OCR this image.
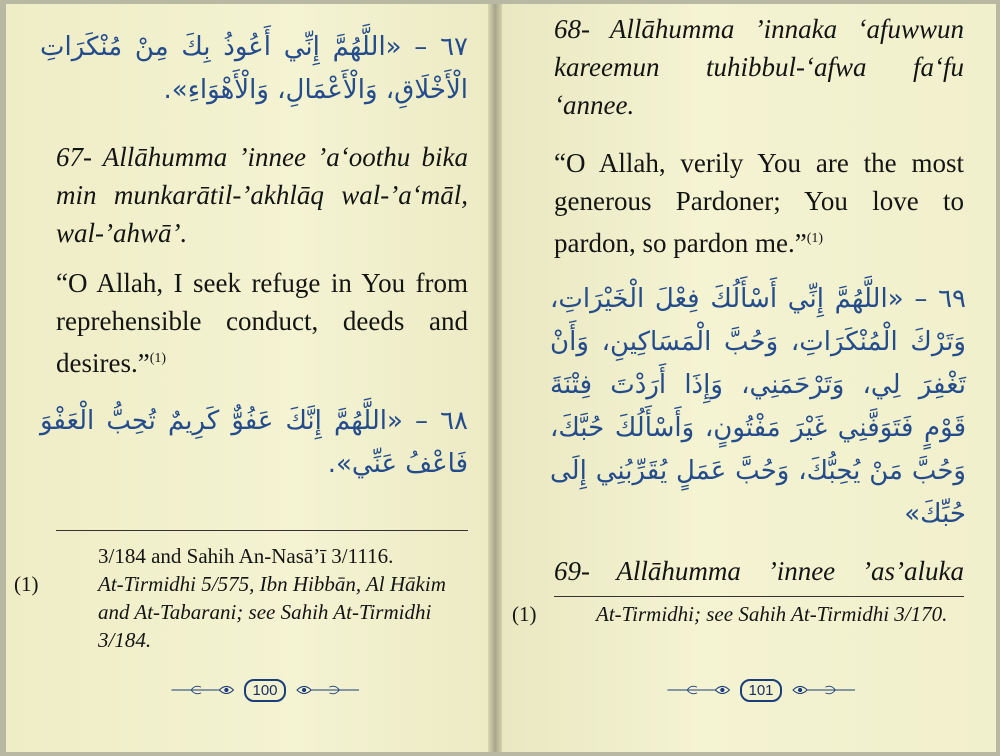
٦٧ – «اللَّهُمَّ إِنِّي أَعُوذُ بِكَ مِنْ مُنْكَرَاتِ الْأَخْلَاقِ، وَالْأَعْمَالِ، وَالْأَهْوَاءِ».

67- Allāhumma ’innee ’a‘oothu bika min munkarātil-’akhlāq wal-’a‘māl, wal-’ahwā’.

“O Allah, I seek refuge in You from reprehensible conduct, deeds and desires.”$^{(1)}$

٦٨ – «اللَّهُمَّ إِنَّكَ عَفُوٌّ كَرِيمٌ تُحِبُّ الْعَفْوَ فَاعْفُ عَنِّي».

3/184 and Sahih An-Nasā’ī 3/1116.

(1)	At-Tirmidhi 5/575, Ibn Hibbān, Al Hākim and At-Tabarani; see Sahih At-Tirmidhi 3/184.

100

68- Allāhumma ’innaka ‘afuwwun kareemun tuhibbul-‘afwa fa‘fu ‘annee.

“O Allah, verily You are the most generous Pardoner; You love to pardon, so pardon me.”$^{(1)}$

٦٩ – «اللَّهُمَّ إِنِّي أَسْأَلُكَ فِعْلَ الْخَيْرَاتِ، وَتَرْكَ الْمُنْكَرَاتِ، وَحُبَّ الْمَسَاكِينِ، وَأَنْ تَغْفِرَ لِي، وَتَرْحَمَنِي، وَإِذَا أَرَدْتَ فِتْنَةَ قَوْمٍ فَتَوَفَّنِي غَيْرَ مَفْتُونٍ، وَأَسْأَلُكَ حُبَّكَ، وَحُبَّ مَنْ يُحِبُّكَ، وَحُبَّ عَمَلٍ يُقَرِّبُنِي إِلَى حُبِّكَ»

69- Allāhumma ’innee ’as’aluka

(1)	At-Tirmidhi; see Sahih At-Tirmidhi 3/170.

101
